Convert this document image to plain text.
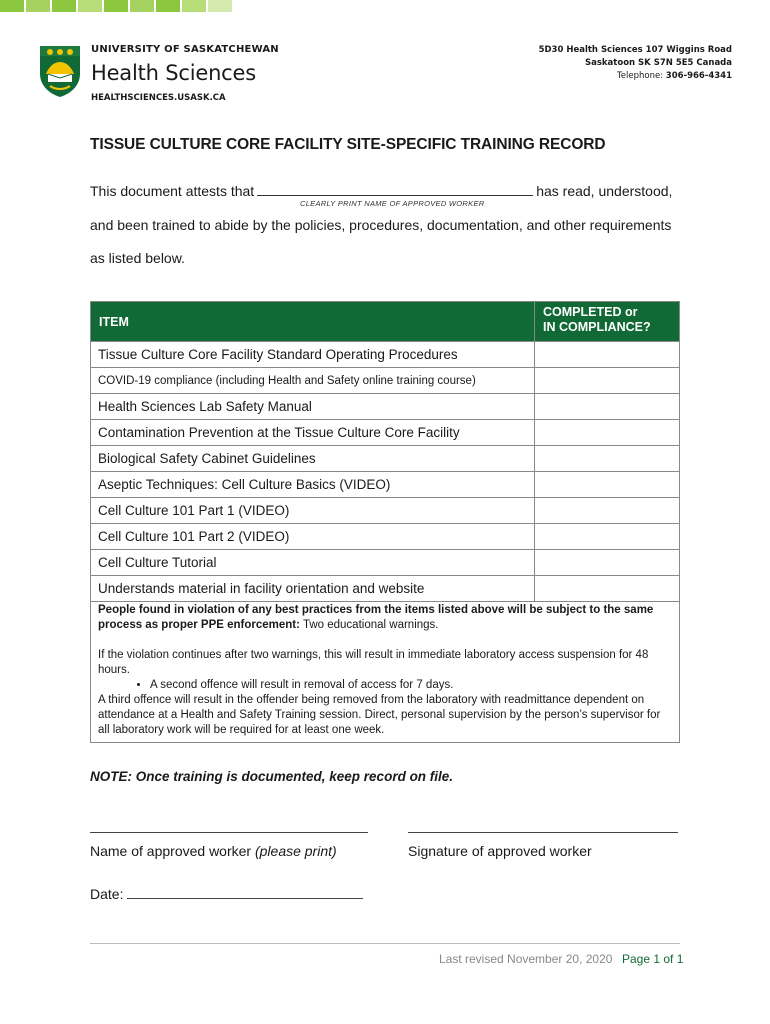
UNIVERSITY OF SASKATCHEWAN
Health Sciences
HEALTHSCIENCES.USASK.CA
5D30 Health Sciences 107 Wiggins Road
Saskatoon SK S7N 5E5 Canada
Telephone: 306-966-4341
TISSUE CULTURE CORE FACILITY SITE-SPECIFIC TRAINING RECORD
This document attests that	has read, understood,
CLEARLY PRINT NAME OF APPROVED WORKER
and been trained to abide by the policies, procedures, documentation, and other requirements
as listed below.
ITEM	COMPLETED or
IN COMPLIANCE?

Tissue Culture Core Facility Standard Operating Procedures	
COVID-19 compliance (including Health and Safety online training course)	
Health Sciences Lab Safety Manual	
Contamination Prevention at the Tissue Culture Core Facility	
Biological Safety Cabinet Guidelines	
Aseptic Techniques: Cell Culture Basics (VIDEO)	
Cell Culture 101 Part 1 (VIDEO)	
Cell Culture 101 Part 2 (VIDEO)	
Cell Culture Tutorial	
Understands material in facility orientation and website	

People found in violation of any best practices from the items listed above will be subject to the same process as proper PPE enforcement: Two educational warnings.

If the violation continues after two warnings, this will result in immediate laboratory access suspension for 48 hours.

• A second offence will result in removal of access for 7 days.

A third offence will result in the offender being removed from the laboratory with readmittance dependent on attendance at a Health and Safety Training session. Direct, personal supervision by the person’s supervisor for all laboratory work will be required for at least one week.

NOTE: Once training is documented, keep record on file.
Name of approved worker (please print)	Signature of approved worker
Date:
Last revised November 20, 2020 Page 1 of 1
